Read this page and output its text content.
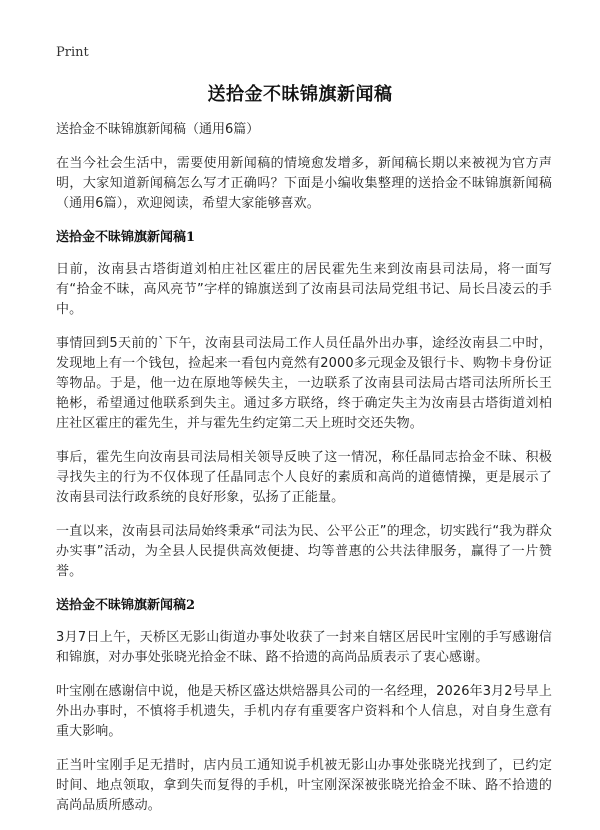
Print
送拾金不昧锦旗新闻稿
送拾金不昧锦旗新闻稿（通用6篇）

在当今社会生活中，需要使用新闻稿的情境愈发增多，新闻稿长期以来被视为官方声明，大家知道新闻稿怎么写才正确吗？下面是小编收集整理的送拾金不昧锦旗新闻稿（通用6篇），欢迎阅读，希望大家能够喜欢。

送拾金不昧锦旗新闻稿1

日前，汝南县古塔街道刘柏庄社区霍庄的居民霍先生来到汝南县司法局，将一面写有“拾金不昧，高风亮节”字样的锦旗送到了汝南县司法局党组书记、局长吕凌云的手中。

事情回到5天前的`下午，汝南县司法局工作人员任晶外出办事，途经汝南县二中时，发现地上有一个钱包，捡起来一看包内竟然有2000多元现金及银行卡、购物卡身份证等物品。于是，他一边在原地等候失主，一边联系了汝南县司法局古塔司法所所长王艳彬，希望通过他联系到失主。通过多方联络，终于确定失主为汝南县古塔街道刘柏庄社区霍庄的霍先生，并与霍先生约定第二天上班时交还失物。

事后，霍先生向汝南县司法局相关领导反映了这一情况，称任晶同志拾金不昧、积极寻找失主的行为不仅体现了任晶同志个人良好的素质和高尚的道德情操，更是展示了汝南县司法行政系统的良好形象，弘扬了正能量。

一直以来，汝南县司法局始终秉承“司法为民、公平公正”的理念，切实践行“我为群众办实事”活动，为全县人民提供高效便捷、均等普惠的公共法律服务，赢得了一片赞誉。

送拾金不昧锦旗新闻稿2

3月7日上午，天桥区无影山街道办事处收获了一封来自辖区居民叶宝刚的手写感谢信和锦旗，对办事处张晓光拾金不昧、路不拾遗的高尚品质表示了衷心感谢。

叶宝刚在感谢信中说，他是天桥区盛达烘焙器具公司的一名经理，2026年3月2号早上外出办事时，不慎将手机遗失，手机内存有重要客户资料和个人信息，对自身生意有重大影响。

正当叶宝刚手足无措时，店内员工通知说手机被无影山办事处张晓光找到了，已约定时间、地点领取，拿到失而复得的手机，叶宝刚深深被张晓光拾金不昧、路不拾遗的高尚品质所感动。
